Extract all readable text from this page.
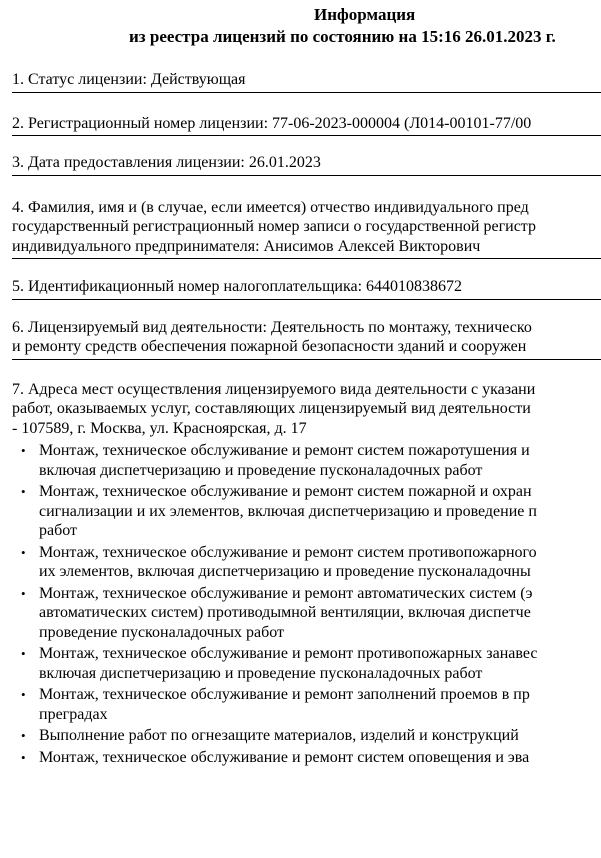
Информация
из реестра лицензий по состоянию на 15:16 26.01.2023 г.
1. Статус лицензии: Действующая
2. Регистрационный номер лицензии: 77-06-2023-000004 (Л014-00101-77/00
3. Дата предоставления лицензии: 26.01.2023
4. Фамилия, имя и (в случае, если имеется) отчество индивидуального пред
государственный регистрационный номер записи о государственной регистр
индивидуального предпринимателя: Анисимов Алексей Викторович
5. Идентификационный номер налогоплательщика: 644010838672
6. Лицензируемый вид деятельности: Деятельность по монтажу, техническо
и ремонту средств обеспечения пожарной безопасности зданий и сооружен
7. Адреса мест осуществления лицензируемого вида деятельности с указани
работ, оказываемых услуг, составляющих лицензируемый вид деятельности
- 107589, г. Москва, ул. Красноярская, д. 17
• Монтаж, техническое обслуживание и ремонт систем пожаротушения и
включая диспетчеризацию и проведение пусконаладочных работ
• Монтаж, техническое обслуживание и ремонт систем пожарной и охран
сигнализации и их элементов, включая диспетчеризацию и проведение п
работ
• Монтаж, техническое обслуживание и ремонт систем противопожарного
их элементов, включая диспетчеризацию и проведение пусконаладочны
• Монтаж, техническое обслуживание и ремонт автоматических систем (э
автоматических систем) противодымной вентиляции, включая диспетче
проведение пусконаладочных работ
• Монтаж, техническое обслуживание и ремонт противопожарных занавес
включая диспетчеризацию и проведение пусконаладочных работ
• Монтаж, техническое обслуживание и ремонт заполнений проемов в пр
преградах
• Выполнение работ по огнезащите материалов, изделий и конструкций
• Монтаж, техническое обслуживание и ремонт систем оповещения и эва
